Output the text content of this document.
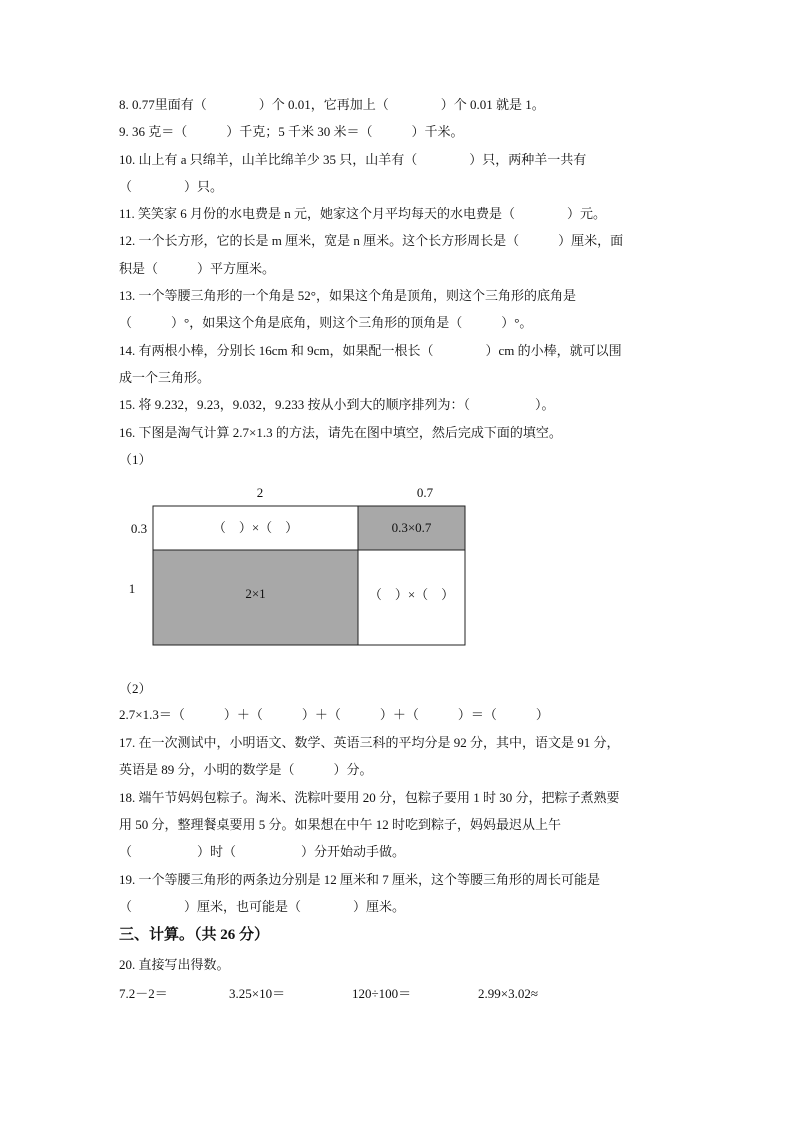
8. 0.77里面有（　　　　）个 0.01，它再加上（　　　　）个 0.01 就是 1。
9. 36 克＝（　　　）千克；5 千米 30 米＝（　　　）千米。
10. 山上有 a 只绵羊，山羊比绵羊少 35 只，山羊有（　　　　）只，两种羊一共有
（　　　　）只。
11. 笑笑家 6 月份的水电费是 n 元，她家这个月平均每天的水电费是（　　　　）元。
12. 一个长方形，它的长是 m 厘米，宽是 n 厘米。这个长方形周长是（　　　）厘米，面
积是（　　　）平方厘米。
13. 一个等腰三角形的一个角是 52°，如果这个角是顶角，则这个三角形的底角是
（　　　）°，如果这个角是底角，则这个三角形的顶角是（　　　）°。
14. 有两根小棒，分别长 16cm 和 9cm，如果配一根长（　　　　）cm 的小棒，就可以围
成一个三角形。
15. 将 9.232，9.23，9.032，9.233 按从小到大的顺序排列为：（　　　　　）。
16. 下图是淘气计算 2.7×1.3 的方法，请先在图中填空，然后完成下面的填空。
（1）
2	0.7
0.3
1
（　）×（　）	0.3×0.7
2×1	（　）×（　）
（2）
2.7×1.3＝（　　　）＋（　　　）＋（　　　）＋（　　　）＝（　　　）
17. 在一次测试中，小明语文、数学、英语三科的平均分是 92 分，其中，语文是 91 分，
英语是 89 分，小明的数学是（　　　）分。
18. 端午节妈妈包粽子。淘米、洗粽叶要用 20 分，包粽子要用 1 时 30 分，把粽子煮熟要
用 50 分，整理餐桌要用 5 分。如果想在中午 12 时吃到粽子，妈妈最迟从上午
（　　　　　）时（　　　　　）分开始动手做。
19. 一个等腰三角形的两条边分别是 12 厘米和 7 厘米，这个等腰三角形的周长可能是
（　　　　）厘米，也可能是（　　　　）厘米。
三、计算。（共 26 分）
20. 直接写出得数。
7.2－2＝	3.25×10＝	120÷100＝	2.99×3.02≈
